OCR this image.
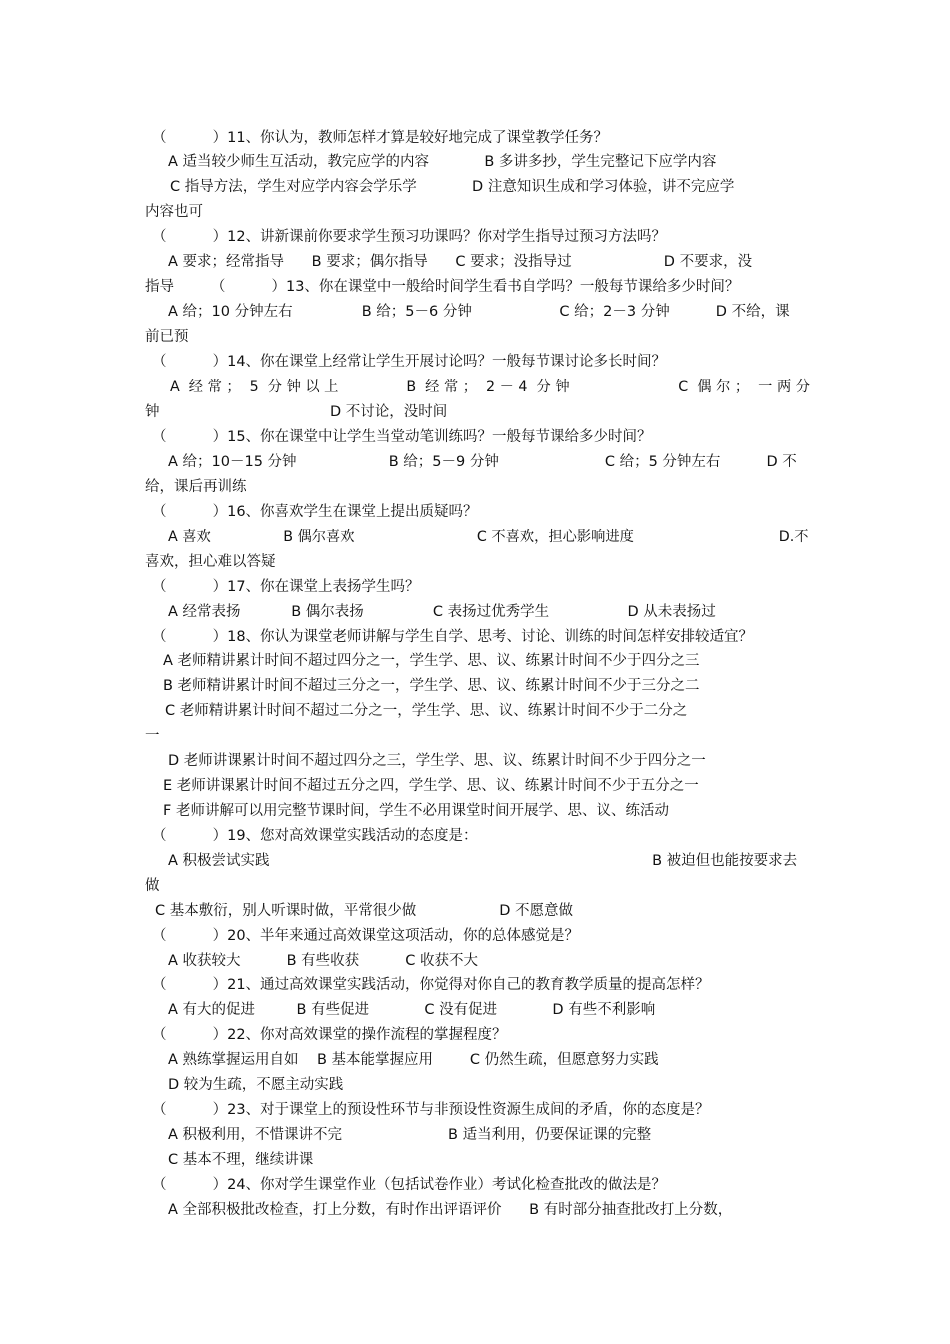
（          ）11、你认为，教师怎样才算是较好地完成了课堂教学任务？
A 适当较少师生互活动，教完应学的内容            B 多讲多抄，学生完整记下应学内容
C 指导方法，学生对应学内容会学乐学            D 注意知识生成和学习体验，讲不完应学
内容也可
（          ）12、讲新课前你要求学生预习功课吗？你对学生指导过预习方法吗？
A 要求；经常指导      B 要求；偶尔指导      C 要求；没指导过                    D 不要求，没
指导        （          ）13、你在课堂中一般给时间学生看书自学吗？一般每节课给多少时间？
A 给；10 分钟左右               B 给；5－6 分钟                   C 给；2－3 分钟          D 不给，课
前已预
（          ）14、你在课堂上经常让学生开展讨论吗？一般每节课讨论多长时间？
A  经 常 ；  5  分 钟 以 上               B  经 常 ；  2 － 4  分 钟                        C  偶 尔 ；  一 两 分
钟                                     D 不讨论，没时间
（          ）15、你在课堂中让学生当堂动笔训练吗？一般每节课给多少时间？
A 给；10－15 分钟                    B 给；5－9 分钟                       C 给；5 分钟左右          D 不
给，课后再训练
（          ）16、你喜欢学生在课堂上提出质疑吗？
A 喜欢                B 偶尔喜欢                           C 不喜欢，担心影响进度                                D.不
喜欢，担心难以答疑
（          ）17、你在课堂上表扬学生吗？
A 经常表扬           B 偶尔表扬               C 表扬过优秀学生                 D 从未表扬过
（          ）18、你认为课堂老师讲解与学生自学、思考、讨论、训练的时间怎样安排较适宜？
A 老师精讲累计时间不超过四分之一，学生学、思、议、练累计时间不少于四分之三
B 老师精讲累计时间不超过三分之一，学生学、思、议、练累计时间不少于三分之二
C 老师精讲累计时间不超过二分之一，学生学、思、议、练累计时间不少于二分之
一
D 老师讲课累计时间不超过四分之三，学生学、思、议、练累计时间不少于四分之一
E 老师讲课累计时间不超过五分之四，学生学、思、议、练累计时间不少于五分之一
F 老师讲解可以用完整节课时间，学生不必用课堂时间开展学、思、议、练活动
（          ）19、您对高效课堂实践活动的态度是：
A 积极尝试实践                                                                                   B 被迫但也能按要求去
做
C 基本敷衍，别人听课时做，平常很少做                  D 不愿意做
（          ）20、半年来通过高效课堂这项活动，你的总体感觉是？
A 收获较大          B 有些收获          C 收获不大
（          ）21、通过高效课堂实践活动，你觉得对你自己的教育教学质量的提高怎样？
A 有大的促进         B 有些促进            C 没有促进            D 有些不利影响
（          ）22、你对高效课堂的操作流程的掌握程度？
A 熟练掌握运用自如    B 基本能掌握应用        C 仍然生疏，但愿意努力实践
D 较为生疏，不愿主动实践
（          ）23、对于课堂上的预设性环节与非预设性资源生成间的矛盾，你的态度是？
A 积极利用，不惜课讲不完                       B 适当利用，仍要保证课的完整
C 基本不理，继续讲课
（          ）24、你对学生课堂作业（包括试卷作业）考试化检查批改的做法是？
A 全部积极批改检查，打上分数，有时作出评语评价      B 有时部分抽查批改打上分数，
